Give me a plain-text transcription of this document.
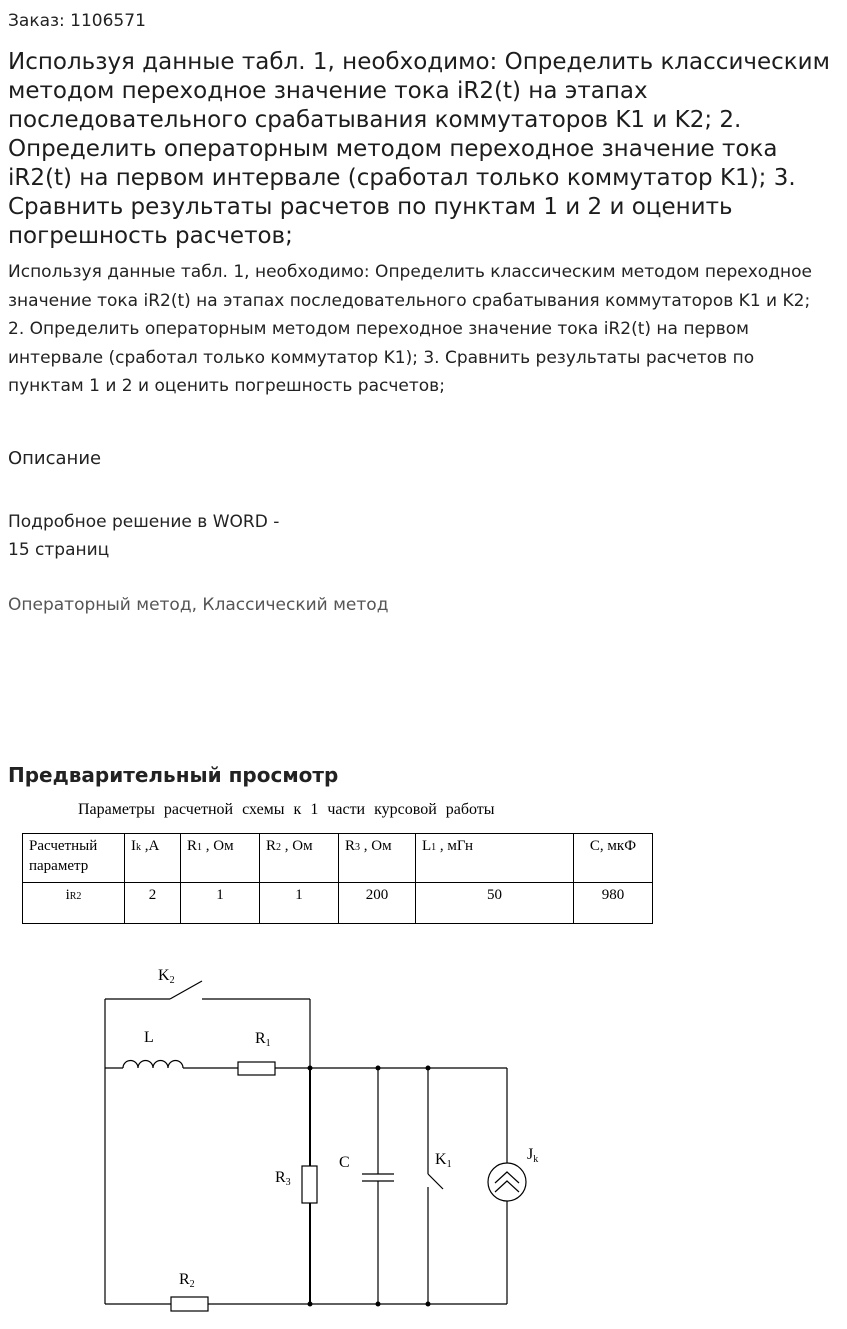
Заказ: 1106571

Используя данные табл. 1, необходимо: Определить классическим методом переходное значение тока iR2(t) на этапах последовательного срабатывания коммутаторов K1 и K2; 2. Определить операторным методом переходное значение тока iR2(t) на первом интервале (сработал только коммутатор K1); 3. Сравнить результаты расчетов по пунктам 1 и 2 и оценить погрешность расчетов;

Используя данные табл. 1, необходимо: Определить классическим методом переходное значение тока iR2(t) на этапах последовательного срабатывания коммутаторов K1 и K2; 2. Определить операторным методом переходное значение тока iR2(t) на первом интервале (сработал только коммутатор K1); 3. Сравнить результаты расчетов по пунктам 1 и 2 и оценить погрешность расчетов;

Описание

Подробное решение в WORD -
15 страниц

Операторный метод, Классический метод

Предварительный просмотр

Параметры расчетной схемы к 1 части курсовой работы

Расчетный параметр	Ik ,А	R1 , Ом	R2 , Ом	R3 , Ом	L1 , мГн	C, мкФ
iR2	2	1	1	200	50	980
K2
L	R1
R3
C	K1
Jk
R2
